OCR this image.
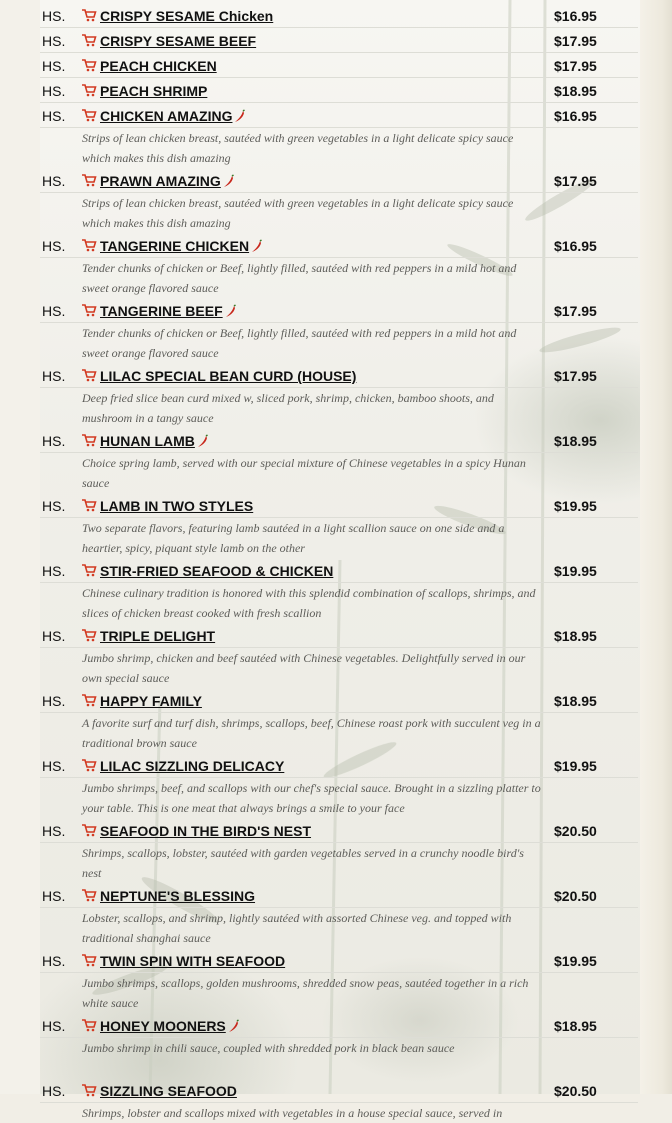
HS. CRISPY SESAME Chicken	$16.95
HS. CRISPY SESAME BEEF	$17.95
HS. PEACH CHICKEN	$17.95
HS. PEACH SHRIMP	$18.95
HS. CHICKEN AMAZING	$16.95
Strips of lean chicken breast, sautéed with green vegetables in a light delicate spicy sauce which makes this dish amazing
HS. PRAWN AMAZING	$17.95
Strips of lean chicken breast, sautéed with green vegetables in a light delicate spicy sauce which makes this dish amazing
HS. TANGERINE CHICKEN	$16.95
Tender chunks of chicken or Beef, lightly filled, sautéed with red peppers in a mild hot and sweet orange flavored sauce
HS. TANGERINE BEEF	$17.95
Tender chunks of chicken or Beef, lightly filled, sautéed with red peppers in a mild hot and sweet orange flavored sauce
HS. LILAC SPECIAL BEAN CURD (HOUSE)	$17.95
Deep fried slice bean curd mixed w, sliced pork, shrimp, chicken, bamboo shoots, and mushroom in a tangy sauce
HS. HUNAN LAMB	$18.95
Choice spring lamb, served with our special mixture of Chinese vegetables in a spicy Hunan sauce
HS. LAMB IN TWO STYLES	$19.95
Two separate flavors, featuring lamb sautéed in a light scallion sauce on one side and a heartier, spicy, piquant style lamb on the other
HS. STIR-FRIED SEAFOOD & CHICKEN	$19.95
Chinese culinary tradition is honored with this splendid combination of scallops, shrimps, and slices of chicken breast cooked with fresh scallion
HS. TRIPLE DELIGHT	$18.95
Jumbo shrimp, chicken and beef sautéed with Chinese vegetables. Delightfully served in our own special sauce
HS. HAPPY FAMILY	$18.95
A favorite surf and turf dish, shrimps, scallops, beef, Chinese roast pork with succulent veg in a traditional brown sauce
HS. LILAC SIZZLING DELICACY	$19.95
Jumbo shrimps, beef, and scallops with our chef's special sauce. Brought in a sizzling platter to your table. This is one meat that always brings a smile to your face
HS. SEAFOOD IN THE BIRD'S NEST	$20.50
Shrimps, scallops, lobster, sautéed with garden vegetables served in a crunchy noodle bird's nest
HS. NEPTUNE'S BLESSING	$20.50
Lobster, scallops, and shrimp, lightly sautéed with assorted Chinese veg. and topped with traditional shanghai sauce
HS. TWIN SPIN WITH SEAFOOD	$19.95
Jumbo shrimps, scallops, golden mushrooms, shredded snow peas, sautéed together in a rich white sauce
HS. HONEY MOONERS	$18.95
Jumbo shrimp in chili sauce, coupled with shredded pork in black bean sauce
HS. SIZZLING SEAFOOD	$20.50
Shrimps, lobster and scallops mixed with vegetables in a house special sauce, served in
